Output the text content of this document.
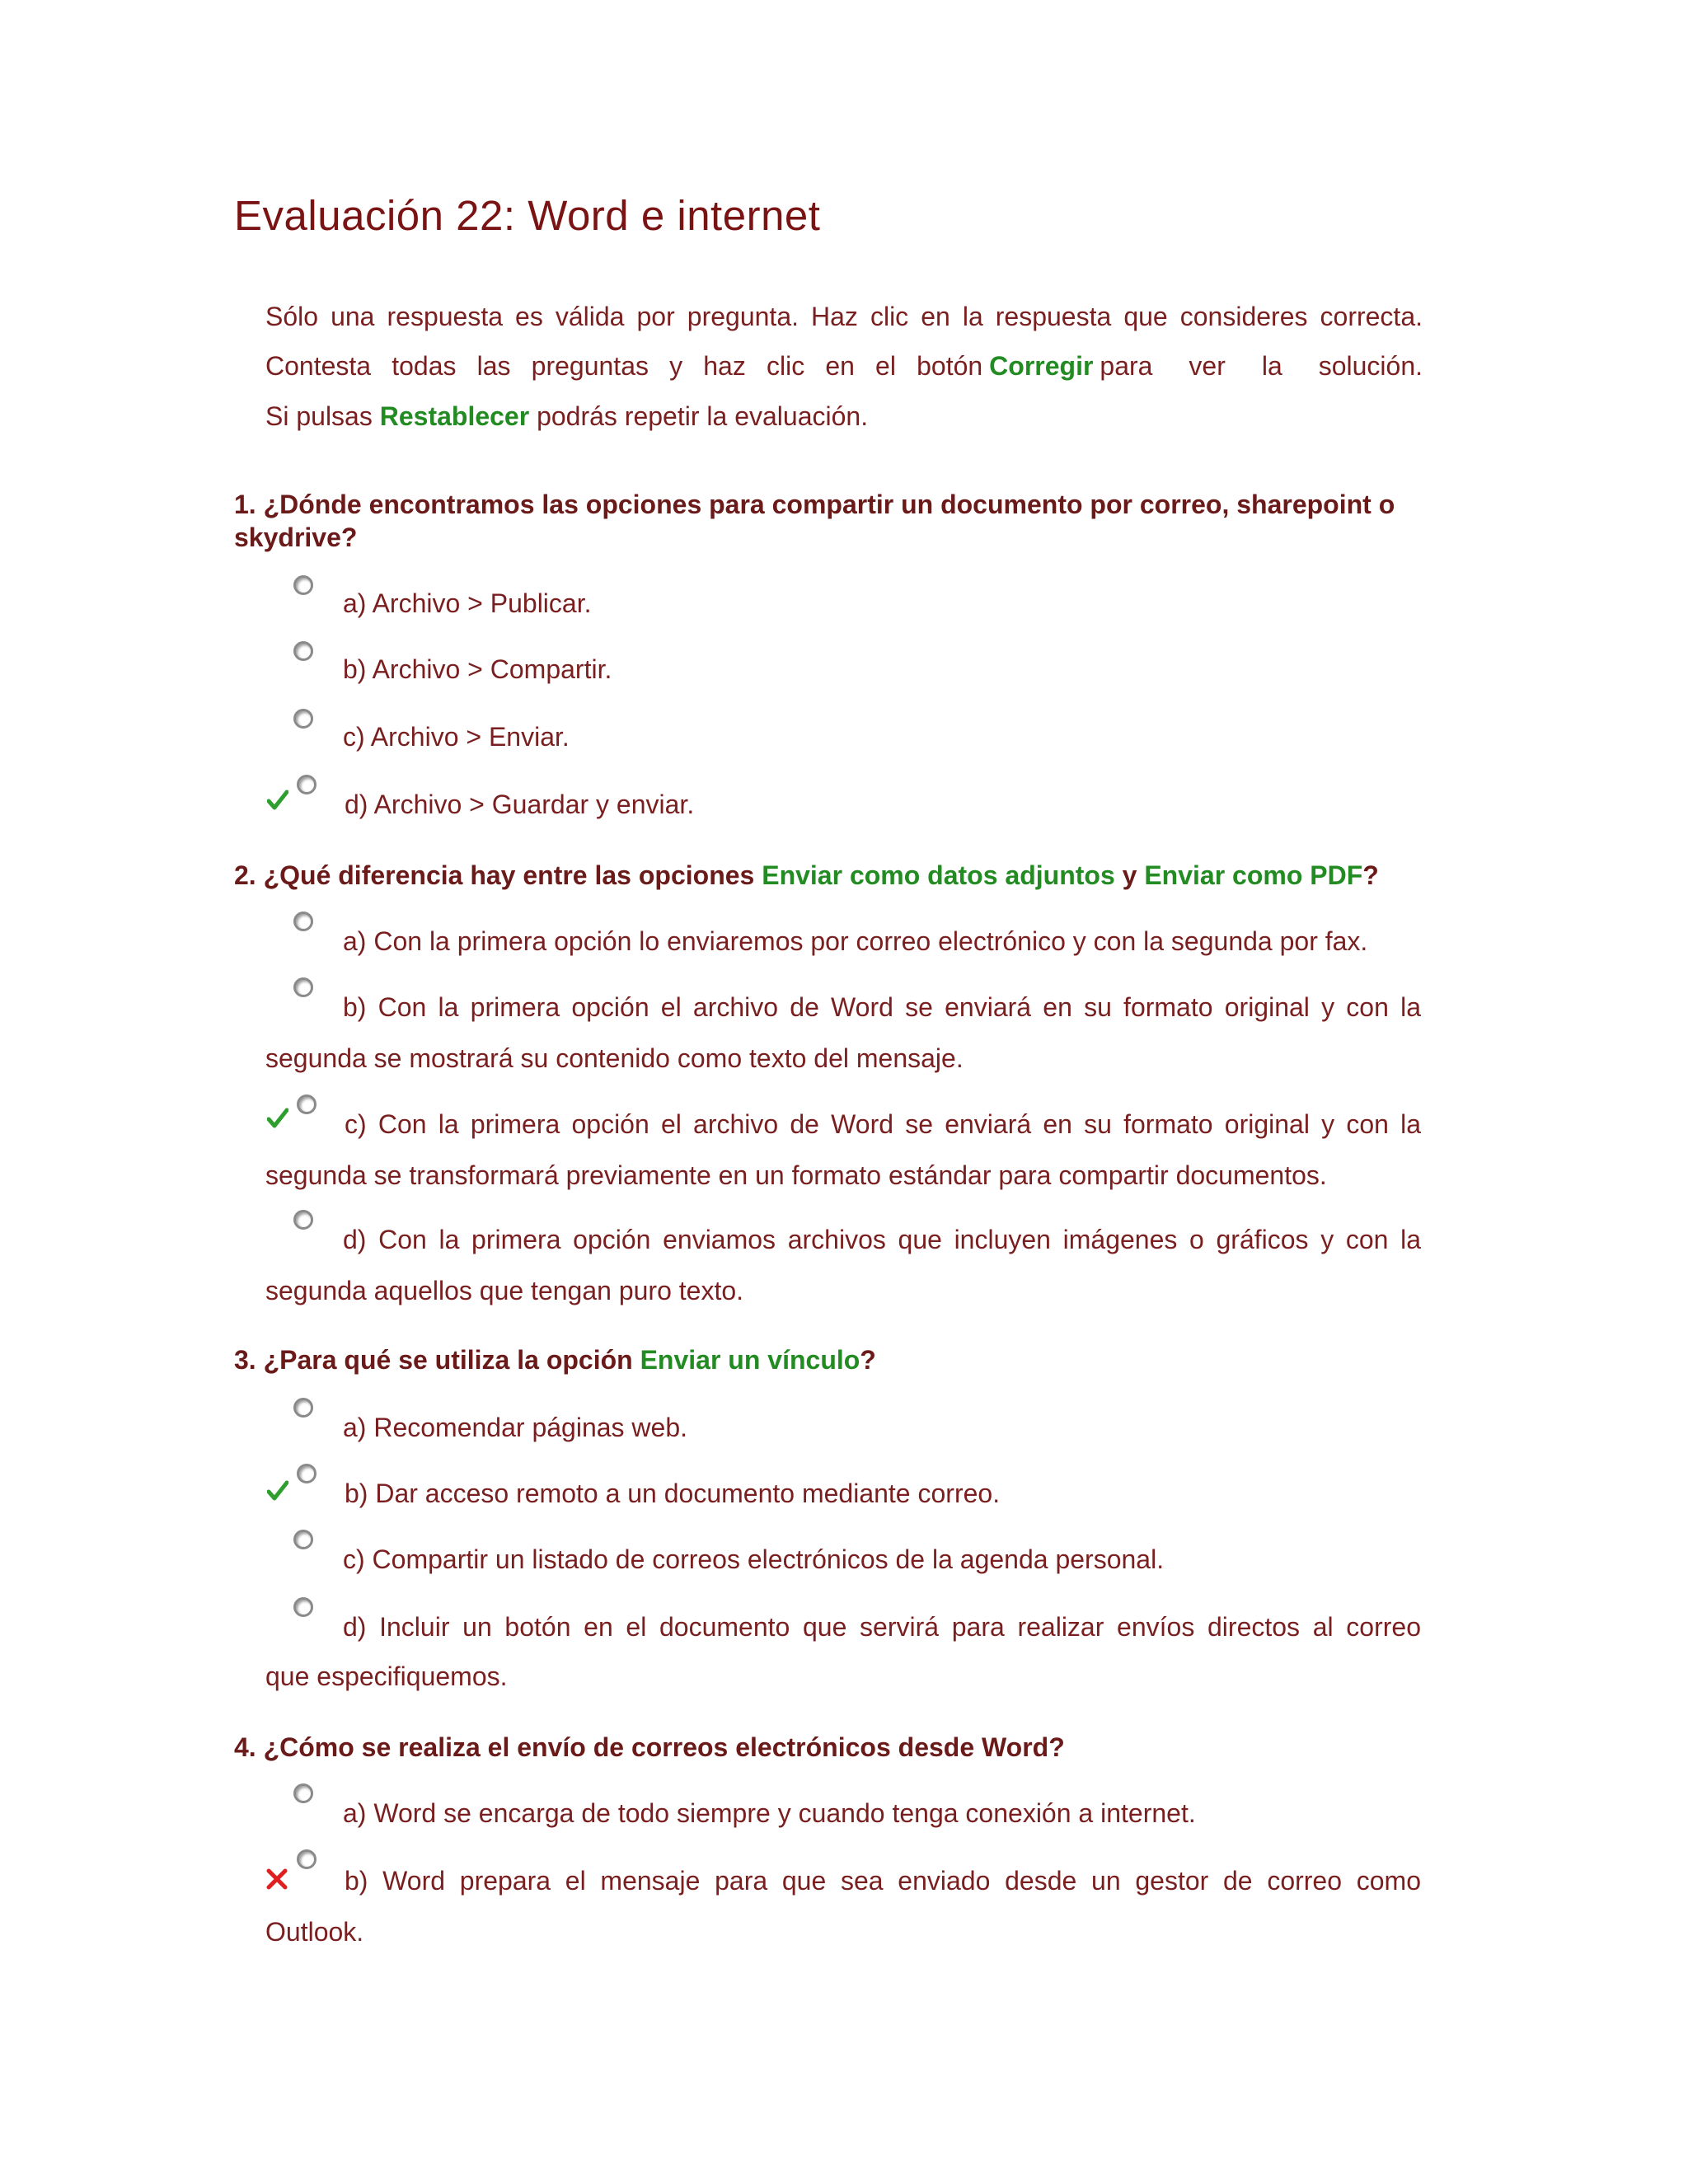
Evaluación 22: Word e internet
Sólo una respuesta es válida por pregunta. Haz clic en la respuesta que consideres correcta.
Contesta todas las preguntas y haz clic en el botón Corregir para ver la solución.
Si pulsas Restablecer podrás repetir la evaluación.
1. ¿Dónde encontramos las opciones para compartir un documento por correo, sharepoint o
skydrive?
a) Archivo > Publicar.
b) Archivo > Compartir.
c) Archivo > Enviar.
d) Archivo > Guardar y enviar.
2. ¿Qué diferencia hay entre las opciones Enviar como datos adjuntos y Enviar como PDF?
a) Con la primera opción lo enviaremos por correo electrónico y con la segunda por fax.
b) Con la primera opción el archivo de Word se enviará en su formato original y con la
segunda se mostrará su contenido como texto del mensaje.
c) Con la primera opción el archivo de Word se enviará en su formato original y con la
segunda se transformará previamente en un formato estándar para compartir documentos.
d) Con la primera opción enviamos archivos que incluyen imágenes o gráficos y con la
segunda aquellos que tengan puro texto.
3. ¿Para qué se utiliza la opción Enviar un vínculo?
a) Recomendar páginas web.
b) Dar acceso remoto a un documento mediante correo.
c) Compartir un listado de correos electrónicos de la agenda personal.
d) Incluir un botón en el documento que servirá para realizar envíos directos al correo
que especifiquemos.
4. ¿Cómo se realiza el envío de correos electrónicos desde Word?
a) Word se encarga de todo siempre y cuando tenga conexión a internet.
b) Word prepara el mensaje para que sea enviado desde un gestor de correo como
Outlook.
